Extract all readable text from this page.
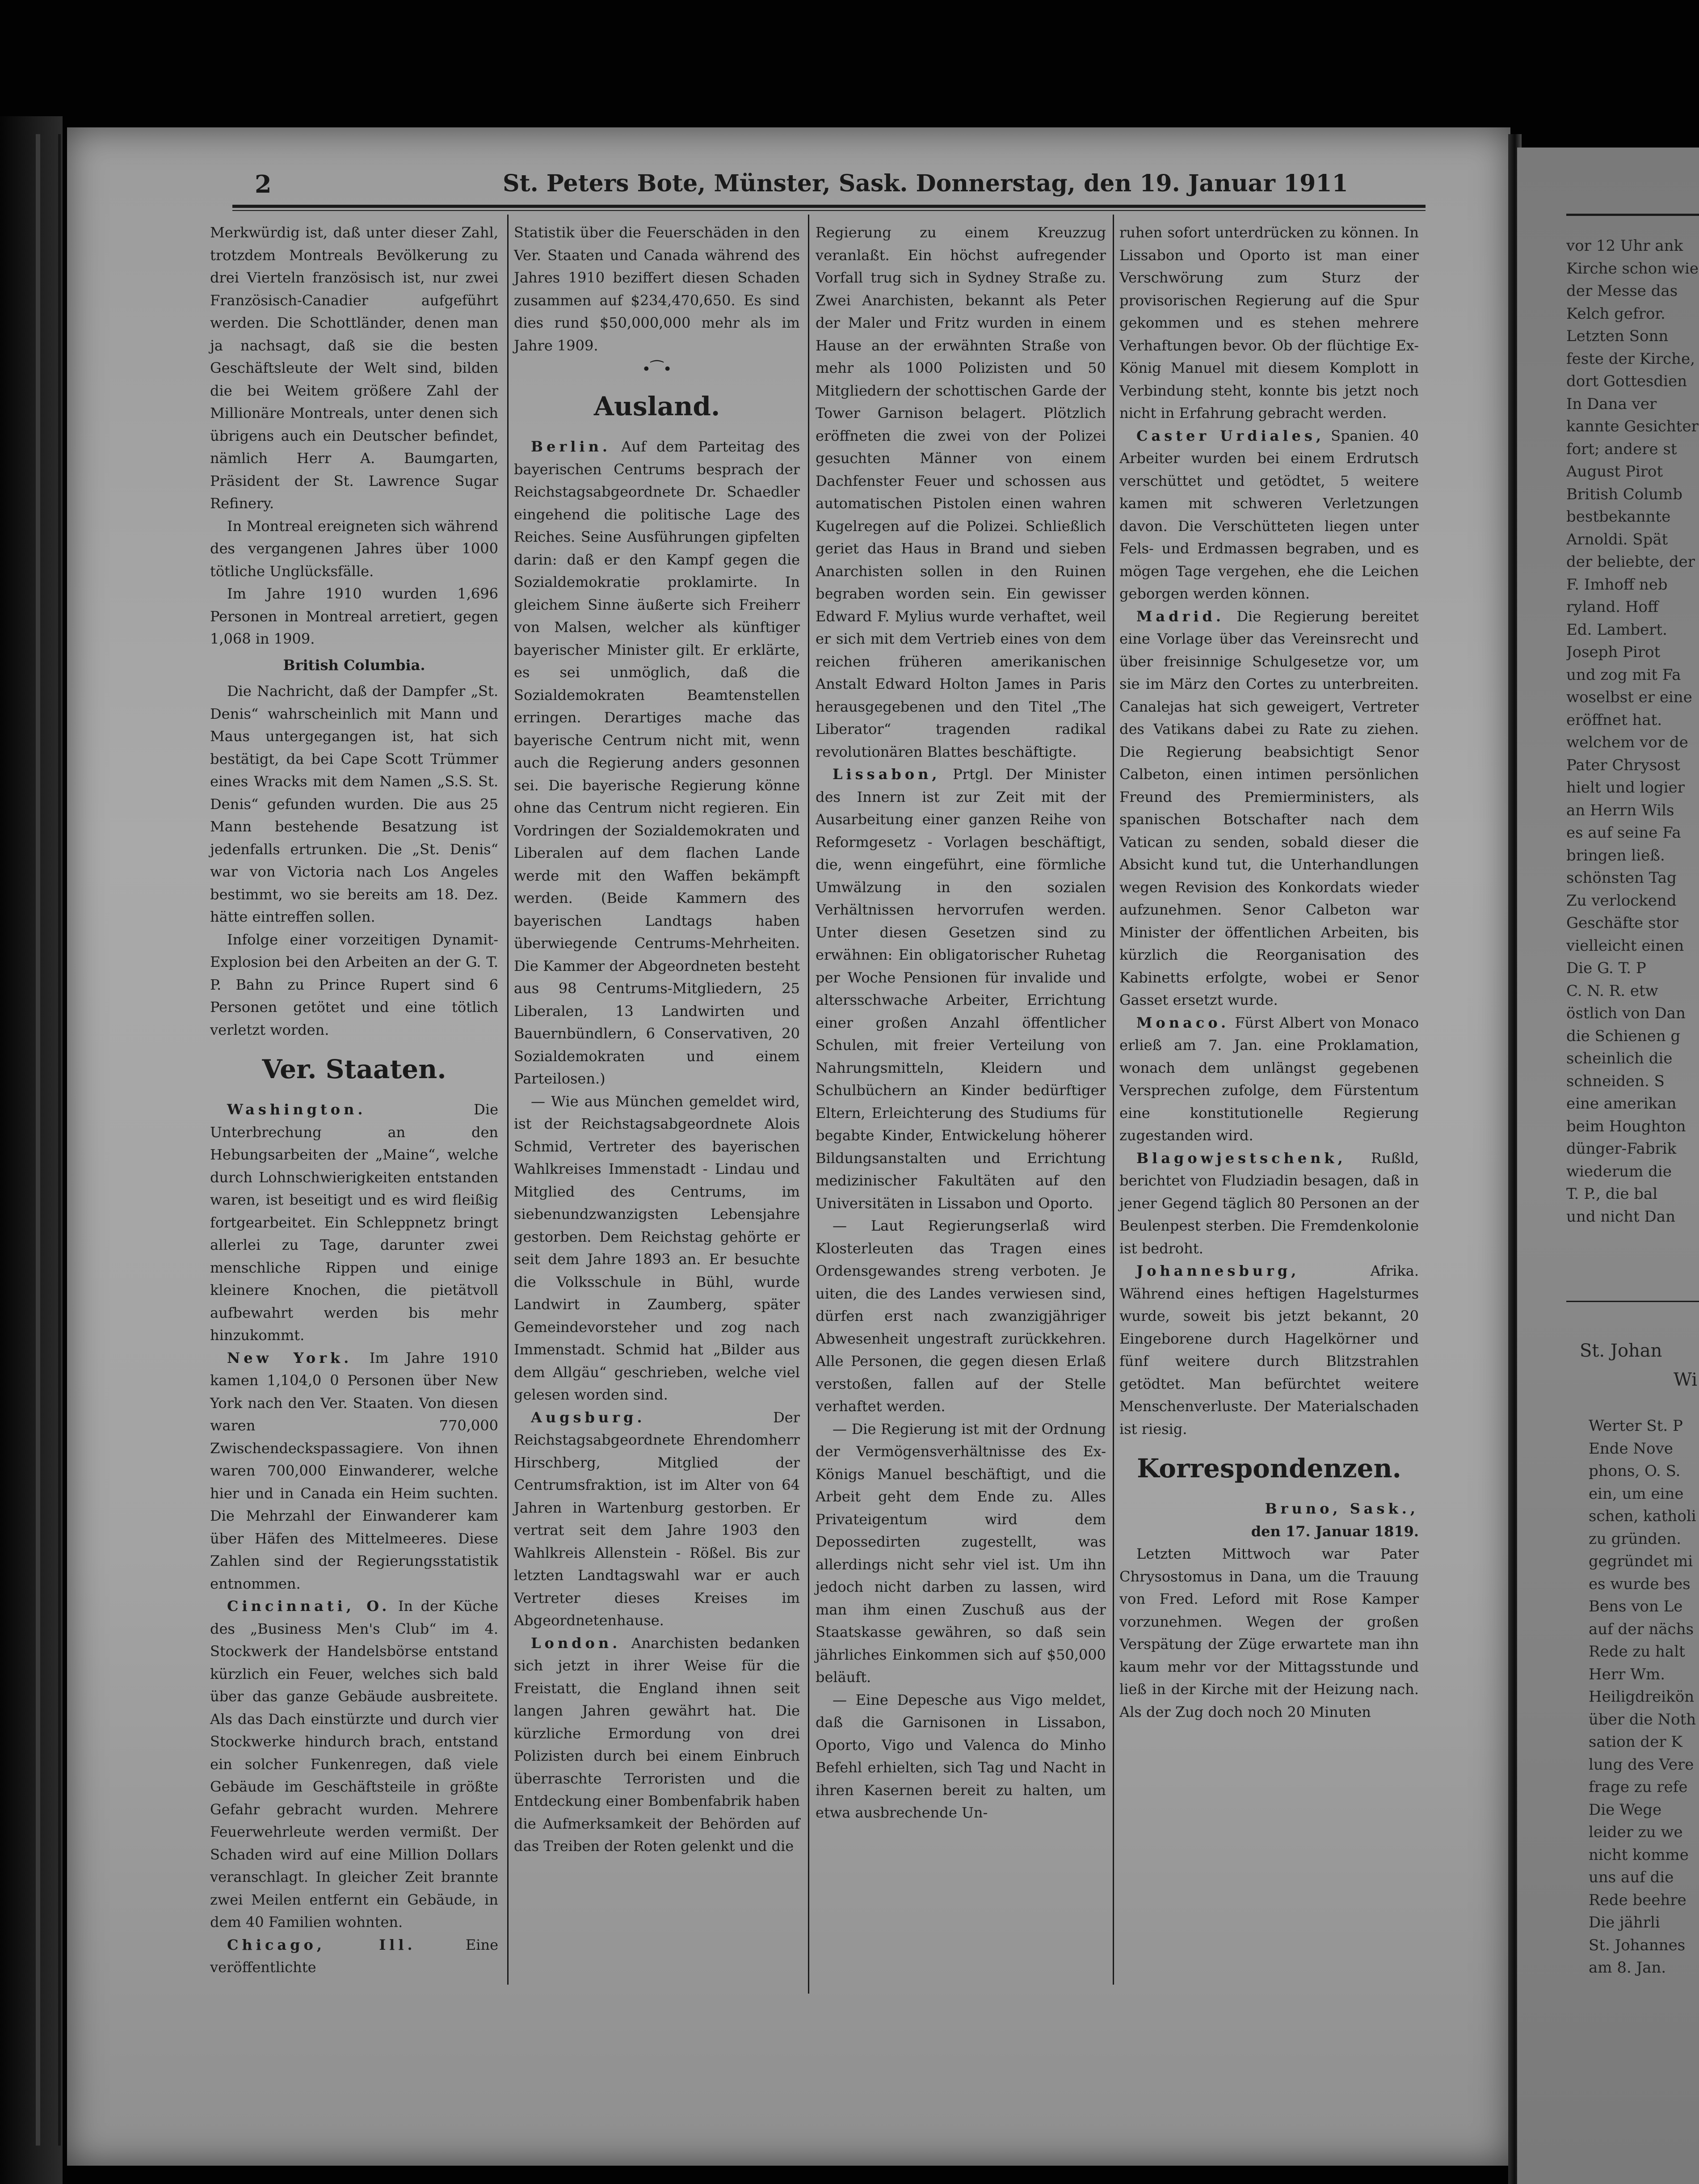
2	St. Peters Bote, Münster, Sask. Donnerstag, den 19. Januar 1911

Merkwürdig ist, daß unter dieser Zahl, trotzdem Montreals Bevölkerung zu drei Vierteln französisch ist, nur zwei Französisch-Canadier aufgeführt werden. Die Schottländer, denen man ja nachsagt, daß sie die besten Geschäftsleute der Welt sind, bilden die bei Weitem größere Zahl der Millionäre Montreals, unter denen sich übrigens auch ein Deutscher befindet, nämlich Herr A. Baumgarten, Präsident der St. Lawrence Sugar Refinery.

In Montreal ereigneten sich während des vergangenen Jahres über 1000 tötliche Unglücksfälle.

Im Jahre 1910 wurden 1,696 Personen in Montreal arretiert, gegen 1,068 in 1909.

British Columbia.

Die Nachricht, daß der Dampfer „St. Denis“ wahrscheinlich mit Mann und Maus untergegangen ist, hat sich bestätigt, da bei Cape Scott Trümmer eines Wracks mit dem Namen „S.S. St. Denis“ gefunden wurden. Die aus 25 Mann bestehende Besatzung ist jedenfalls ertrunken. Die „St. Denis“ war von Victoria nach Los Angeles bestimmt, wo sie bereits am 18. Dez. hätte eintreffen sollen.

Infolge einer vorzeitigen Dynamit-Explosion bei den Arbeiten an der G. T. P. Bahn zu Prince Rupert sind 6 Personen getötet und eine tötlich verletzt worden.

Ver. Staaten.

Washington.	Die Unterbrechung an den Hebungsarbeiten der „Maine“, welche durch Lohnschwierigkeiten entstanden waren, ist beseitigt und es wird fleißig fortgearbeitet. Ein Schleppnetz bringt allerlei zu Tage, darunter zwei menschliche Rippen und einige kleinere Knochen, die pietätvoll aufbewahrt werden bis mehr hinzukommt.

New York. Im Jahre 1910 kamen 1,104,0 0 Personen über New York nach den Ver. Staaten. Von diesen waren 770,000 Zwischendeckspassagiere. Von ihnen waren 700,000 Einwanderer, welche hier und in Canada ein Heim suchten. Die Mehrzahl der Einwanderer kam über Häfen des Mittelmeeres. Diese Zahlen sind der Regierungsstatistik entnommen.

Cincinnati, O. In der Küche des „Business Men's Club“ im 4. Stockwerk der Handelsbörse entstand kürzlich ein Feuer, welches sich bald über das ganze Gebäude ausbreitete. Als das Dach einstürzte und durch vier Stockwerke hindurch brach, entstand ein solcher Funkenregen, daß viele Gebäude im Geschäftsteile in größte Gefahr gebracht wurden. Mehrere Feuerwehrleute werden vermißt. Der Schaden wird auf eine Million Dollars veranschlagt. In gleicher Zeit brannte zwei Meilen entfernt ein Gebäude, in dem 40 Familien wohnten.

Chicago, Ill.	Eine veröffentlichte

Statistik über die Feuerschäden in den Ver. Staaten und Canada während des Jahres 1910 beziffert diesen Schaden zusammen auf $234,470,650. Es sind dies rund $50,000,000 mehr als im Jahre 1909.

•⁀•

Ausland.

Berlin. Auf dem Parteitag des bayerischen Centrums besprach der Reichstagsabgeordnete Dr. Schaedler eingehend die politische Lage des Reiches. Seine Ausführungen gipfelten darin: daß er den Kampf gegen die Sozialdemokratie proklamirte. In gleichem Sinne äußerte sich Freiherr von Malsen, welcher als künftiger bayerischer Minister gilt. Er erklärte, es sei unmöglich, daß die Sozialdemokraten Beamtenstellen erringen. Derartiges mache das bayerische Centrum nicht mit, wenn auch die Regierung anders gesonnen sei. Die bayerische Regierung könne ohne das Centrum nicht regieren. Ein Vordringen der Sozialdemokraten und Liberalen auf dem flachen Lande werde mit den Waffen bekämpft werden. (Beide Kammern des bayerischen Landtags haben überwiegende Centrums-Mehrheiten. Die Kammer der Abgeordneten besteht aus 98 Centrums-Mitgliedern, 25 Liberalen, 13 Landwirten und Bauernbündlern, 6 Conservativen, 20 Sozialdemokraten und einem Parteilosen.)

— Wie aus München gemeldet wird, ist der Reichstagsabgeordnete Alois Schmid, Vertreter des bayerischen Wahlkreises Immenstadt - Lindau und Mitglied des Centrums, im siebenundzwanzigsten Lebensjahre gestorben. Dem Reichstag gehörte er seit dem Jahre 1893 an. Er besuchte die Volksschule in Bühl, wurde Landwirt in Zaumberg, später Gemeindevorsteher und zog nach Immenstadt. Schmid hat „Bilder aus dem Allgäu“ geschrieben, welche viel gelesen worden sind.

Augsburg.	Der Reichstagsabgeordnete Ehrendomherr Hirschberg, Mitglied der Centrumsfraktion, ist im Alter von 64 Jahren in Wartenburg gestorben. Er vertrat seit dem Jahre 1903 den Wahlkreis Allenstein - Rößel. Bis zur letzten Landtagswahl war er auch Vertreter dieses Kreises im Abgeordnetenhause.

London. Anarchisten bedanken sich jetzt in ihrer Weise für die Freistatt, die England ihnen seit langen Jahren gewährt hat. Die kürzliche Ermordung von drei Polizisten durch bei einem Einbruch überraschte Terroristen und die Entdeckung einer Bombenfabrik haben die Aufmerksamkeit der Behörden auf das Treiben der Roten gelenkt und die

Regierung zu einem Kreuzzug veranlaßt. Ein höchst aufregender Vorfall trug sich in Sydney Straße zu. Zwei Anarchisten, bekannt als Peter der Maler und Fritz wurden in einem Hause an der erwähnten Straße von mehr als 1000 Polizisten und 50 Mitgliedern der schottischen Garde der Tower Garnison belagert. Plötzlich eröffneten die zwei von der Polizei gesuchten Männer von einem Dachfenster Feuer und schossen aus automatischen Pistolen einen wahren Kugelregen auf die Polizei. Schließlich geriet das Haus in Brand und sieben Anarchisten sollen in den Ruinen begraben worden sein. Ein gewisser Edward F. Mylius wurde verhaftet, weil er sich mit dem Vertrieb eines von dem reichen früheren amerikanischen Anstalt Edward Holton James in Paris herausgegebenen und den Titel „The Liberator“ tragenden radikal revolutionären Blattes beschäftigte.

Lissabon, Prtgl. Der Minister des Innern ist zur Zeit mit der Ausarbeitung einer ganzen Reihe von Reformgesetz - Vorlagen beschäftigt, die, wenn eingeführt, eine förmliche Umwälzung in den sozialen Verhältnissen hervorrufen werden. Unter diesen Gesetzen sind zu erwähnen: Ein obligatorischer Ruhetag per Woche Pensionen für invalide und altersschwache Arbeiter, Errichtung einer großen Anzahl öffentlicher Schulen, mit freier Verteilung von Nahrungsmitteln, Kleidern und Schulbüchern an Kinder bedürftiger Eltern, Erleichterung des Studiums für begabte Kinder, Entwickelung höherer Bildungsanstalten und Errichtung medizinischer Fakultäten auf den Universitäten in Lissabon und Oporto.

— Laut Regierungserlaß wird Klosterleuten das Tragen eines Ordensgewandes streng verboten. Je uiten, die des Landes verwiesen sind, dürfen erst nach zwanzigjähriger Abwesenheit ungestraft zurückkehren. Alle Personen, die gegen diesen Erlaß verstoßen, fallen auf der Stelle verhaftet werden.

— Die Regierung ist mit der Ordnung der Vermögensverhältnisse des Ex-Königs Manuel beschäftigt, und die Arbeit geht dem Ende zu. Alles Privateigentum wird dem Depossedirten zugestellt, was allerdings nicht sehr viel ist. Um ihn jedoch nicht darben zu lassen, wird man ihm einen Zuschuß aus der Staatskasse gewähren, so daß sein jährliches Einkommen sich auf $50,000 beläuft.

— Eine Depesche aus Vigo meldet, daß die Garnisonen in Lissabon, Oporto, Vigo und Valenca do Minho Befehl erhielten, sich Tag und Nacht in ihren Kasernen bereit zu halten, um etwa ausbrechende Un-

ruhen sofort unterdrücken zu können. In Lissabon und Oporto ist man einer Verschwörung zum Sturz der provisorischen Regierung auf die Spur gekommen und es stehen mehrere Verhaftungen bevor. Ob der flüchtige Ex-König Manuel mit diesem Komplott in Verbindung steht, konnte bis jetzt noch nicht in Erfahrung gebracht werden.

Caster Urdiales, Spanien. 40 Arbeiter wurden bei einem Erdrutsch verschüttet und getödtet, 5 weitere kamen mit schweren Verletzungen davon. Die Verschütteten liegen unter Fels- und Erdmassen begraben, und es mögen Tage vergehen, ehe die Leichen geborgen werden können.

Madrid. Die Regierung bereitet eine Vorlage über das Vereinsrecht und über freisinnige Schulgesetze vor, um sie im März den Cortes zu unterbreiten. Canalejas hat sich geweigert, Vertreter des Vatikans dabei zu Rate zu ziehen. Die Regierung beabsichtigt Senor Calbeton, einen intimen persönlichen Freund des Premierministers, als spanischen Botschafter nach dem Vatican zu senden, sobald dieser die Absicht kund tut, die Unterhandlungen wegen Revision des Konkordats wieder aufzunehmen. Senor Calbeton war Minister der öffentlichen Arbeiten, bis kürzlich die Reorganisation des Kabinetts erfolgte, wobei er Senor Gasset ersetzt wurde.

Monaco. Fürst Albert von Monaco erließ am 7. Jan. eine Proklamation, wonach dem unlängst gegebenen Versprechen zufolge, dem Fürstentum eine konstitutionelle Regierung zugestanden wird.

Blagowjestschenk, Rußld, berichtet von Fludziadin besagen, daß in jener Gegend täglich 80 Personen an der Beulenpest sterben. Die Fremdenkolonie ist bedroht.

Johannesburg,	Afrika. Während eines heftigen Hagelsturmes wurde, soweit bis jetzt bekannt, 20 Eingeborene durch Hagelkörner und fünf weitere durch Blitzstrahlen getödtet. Man befürchtet weitere Menschenverluste. Der Materialschaden ist riesig.

Korrespondenzen.

Bruno, Sask.,

den 17. Januar 1819.

Letzten Mittwoch war Pater Chrysostomus in Dana, um die Trauung von Fred. Leford mit Rose Kamper vorzunehmen. Wegen der großen Verspätung der Züge erwartete man ihn kaum mehr vor der Mittagsstunde und ließ in der Kirche mit der Heizung nach. Als der Zug doch noch 20 Minuten

vor 12 Uhr ank

Kirche schon wie

der Messe das

Kelch gefror.

Letzten Sonn

feste der Kirche,

dort Gottesdien

In Dana ver

kannte Gesichter

fort; andere st

August Pirot

British Columb

bestbekannte

Arnoldi. Spät

der beliebte, der

F. Imhoff neb

ryland. Hoff

Ed. Lambert.

Joseph Pirot

und zog mit Fa

woselbst er eine

eröffnet hat.

welchem vor de

Pater Chrysost

hielt und logier

an Herrn Wils

es auf seine Fa

bringen ließ.

schönsten Tag

Zu verlockend

Geschäfte stor

vielleicht einen

Die G. T. P

C. N. R. etw

östlich von Dan

die Schienen g

scheinlich die

schneiden. S

eine amerikan

beim Houghton

dünger-Fabrik

wiederum die

T. P., die bal

und nicht Dan

St. Johan

Wi

Werter St. P

Ende Nove

phons, O. S.

ein, um eine

schen, katholi

zu gründen.

gegründet mi

es wurde bes

Bens von Le

auf der nächs

Rede zu halt

Herr Wm.

Heiligdreikön

über die Noth

sation der K

lung des Vere

frage zu refe

Die Wege

leider zu we

nicht komme

uns auf die

Rede beehre

Die jährli

St. Johannes

am 8. Jan.
